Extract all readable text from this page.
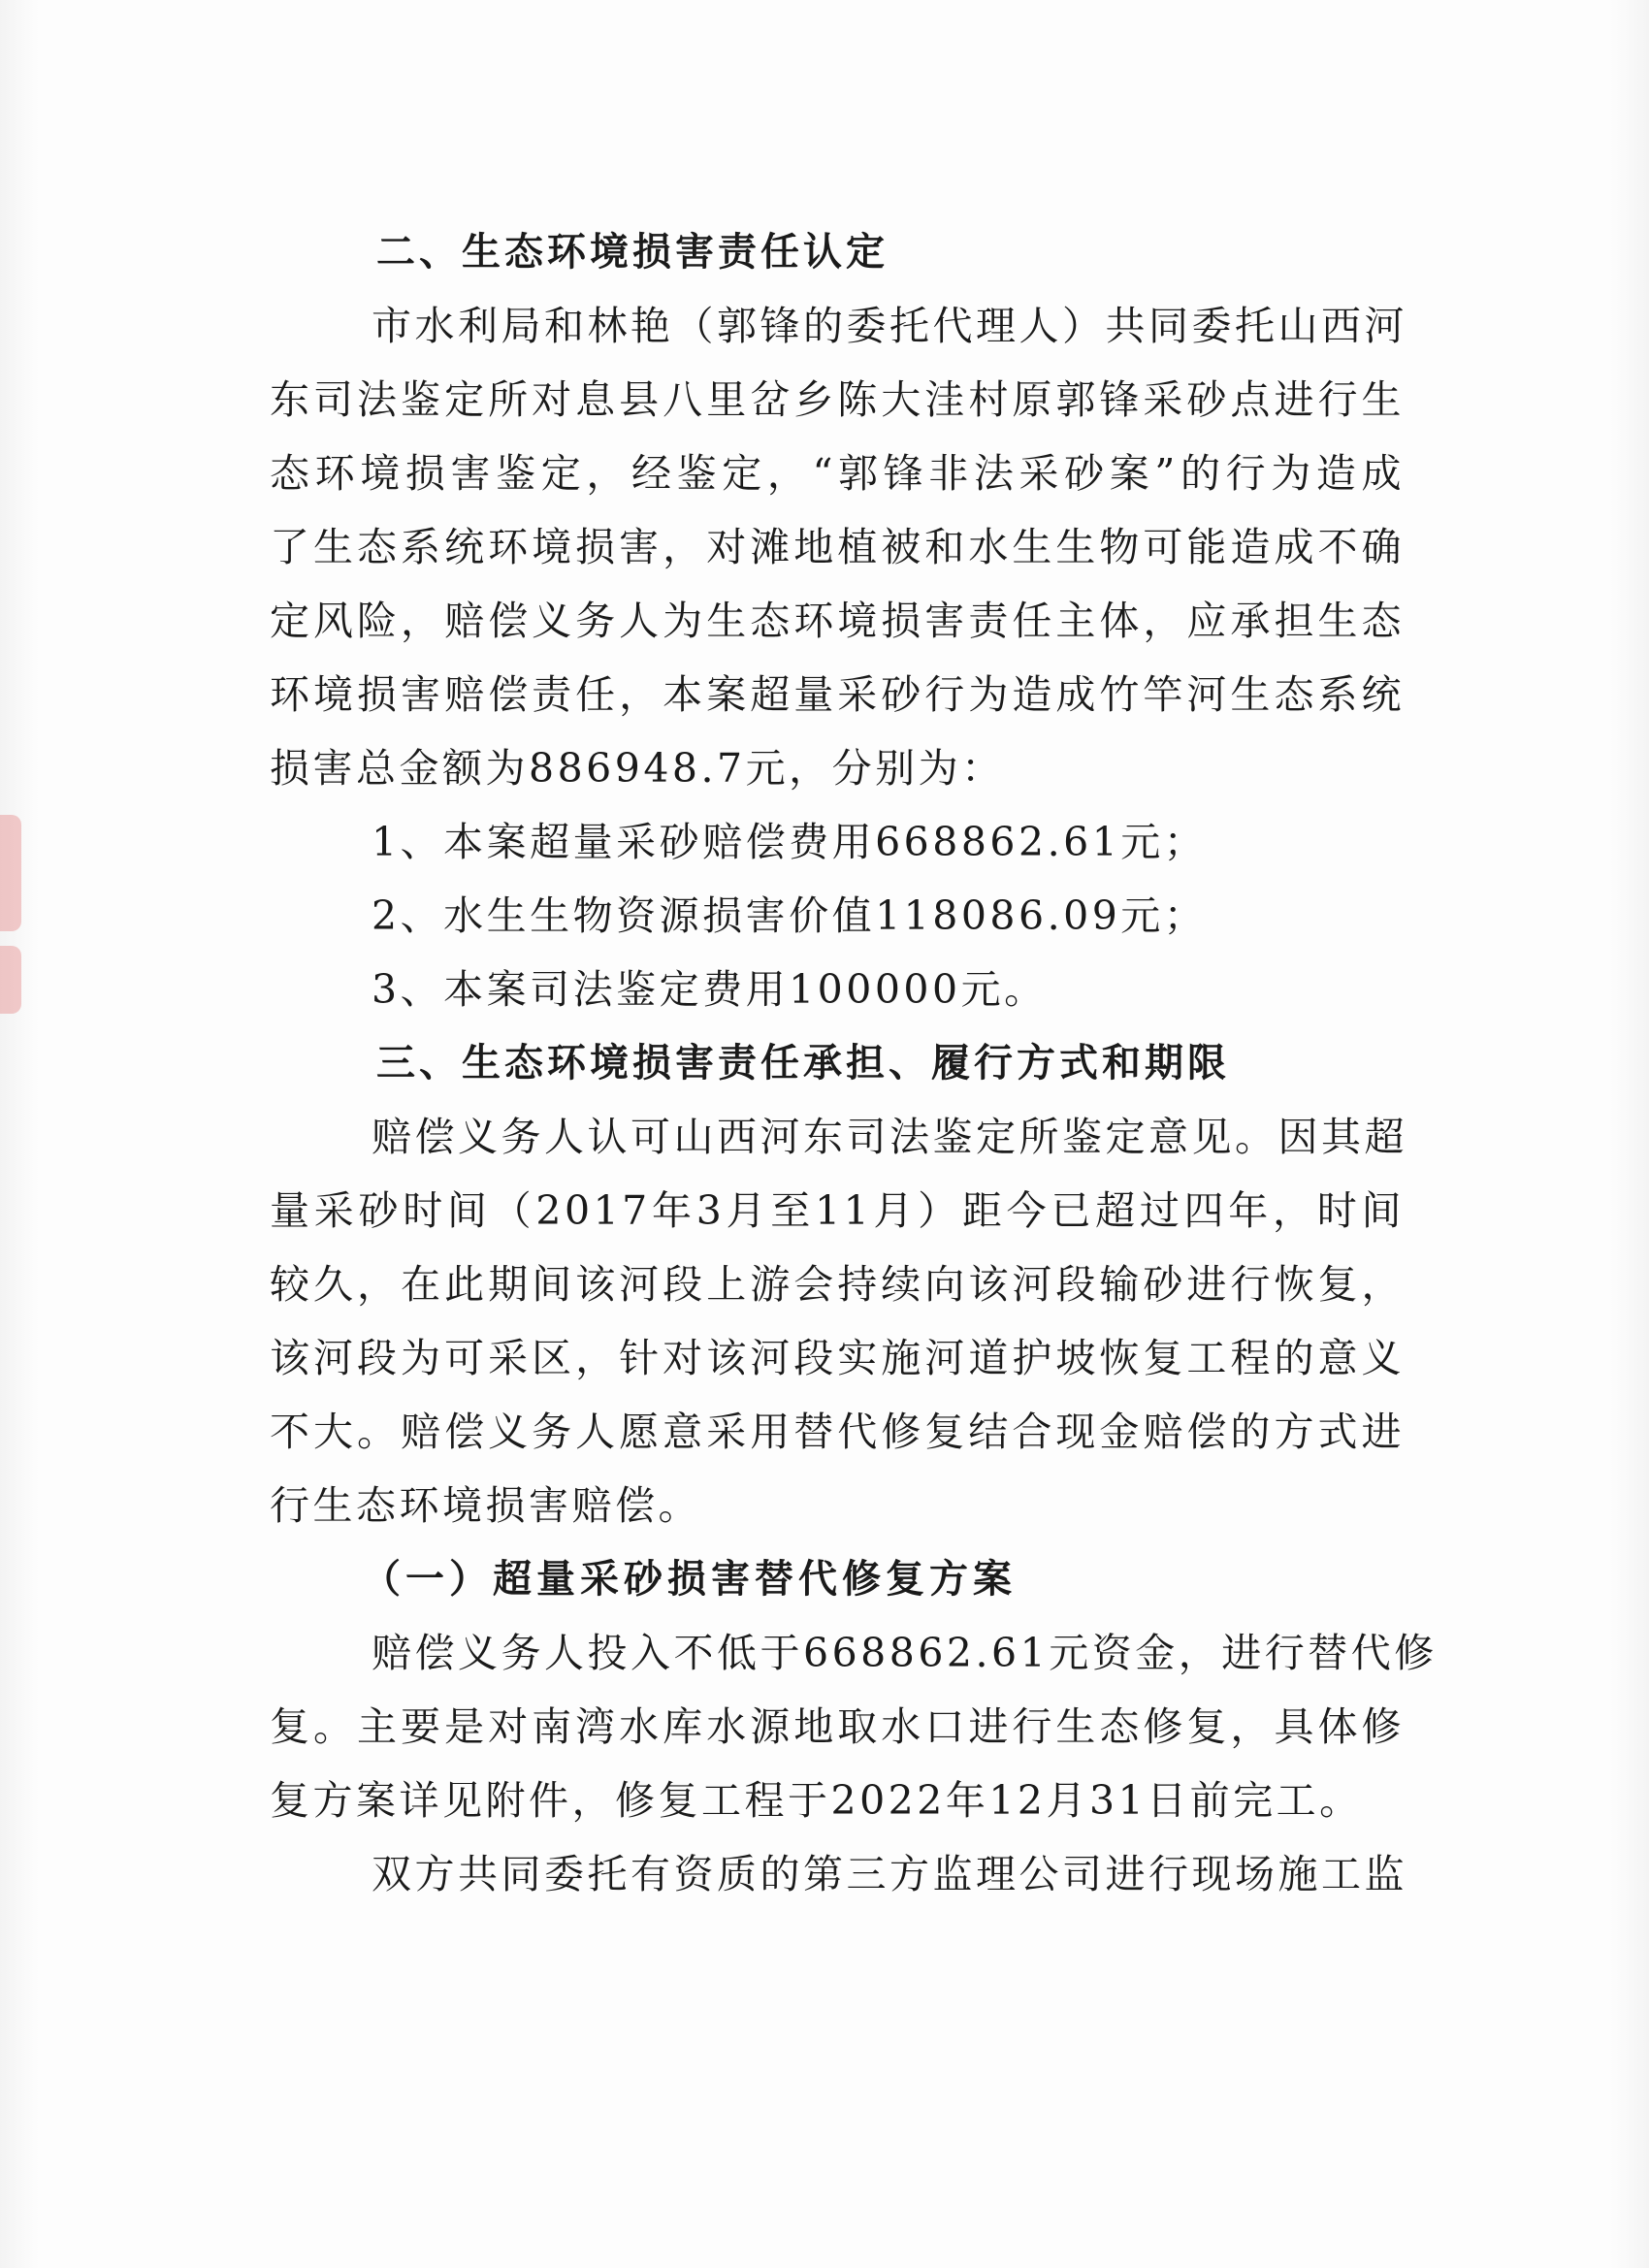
二、生态环境损害责任认定
市水利局和林艳（郭锋的委托代理人）共同委托山西河
东司法鉴定所对息县八里岔乡陈大洼村原郭锋采砂点进行生
态环境损害鉴定，经鉴定，“郭锋非法采砂案”的行为造成
了生态系统环境损害，对滩地植被和水生生物可能造成不确
定风险，赔偿义务人为生态环境损害责任主体，应承担生态
环境损害赔偿责任，本案超量采砂行为造成竹竿河生态系统
损害总金额为886948.7元，分别为：
1、本案超量采砂赔偿费用668862.61元；
2、水生生物资源损害价值118086.09元；
3、本案司法鉴定费用100000元。
三、生态环境损害责任承担、履行方式和期限
赔偿义务人认可山西河东司法鉴定所鉴定意见。因其超
量采砂时间（2017年3月至11月）距今已超过四年，时间
较久，在此期间该河段上游会持续向该河段输砂进行恢复，
该河段为可采区，针对该河段实施河道护坡恢复工程的意义
不大。赔偿义务人愿意采用替代修复结合现金赔偿的方式进
行生态环境损害赔偿。
（一）超量采砂损害替代修复方案
赔偿义务人投入不低于668862.61元资金，进行替代修
复。主要是对南湾水库水源地取水口进行生态修复，具体修
复方案详见附件，修复工程于2022年12月31日前完工。
双方共同委托有资质的第三方监理公司进行现场施工监
